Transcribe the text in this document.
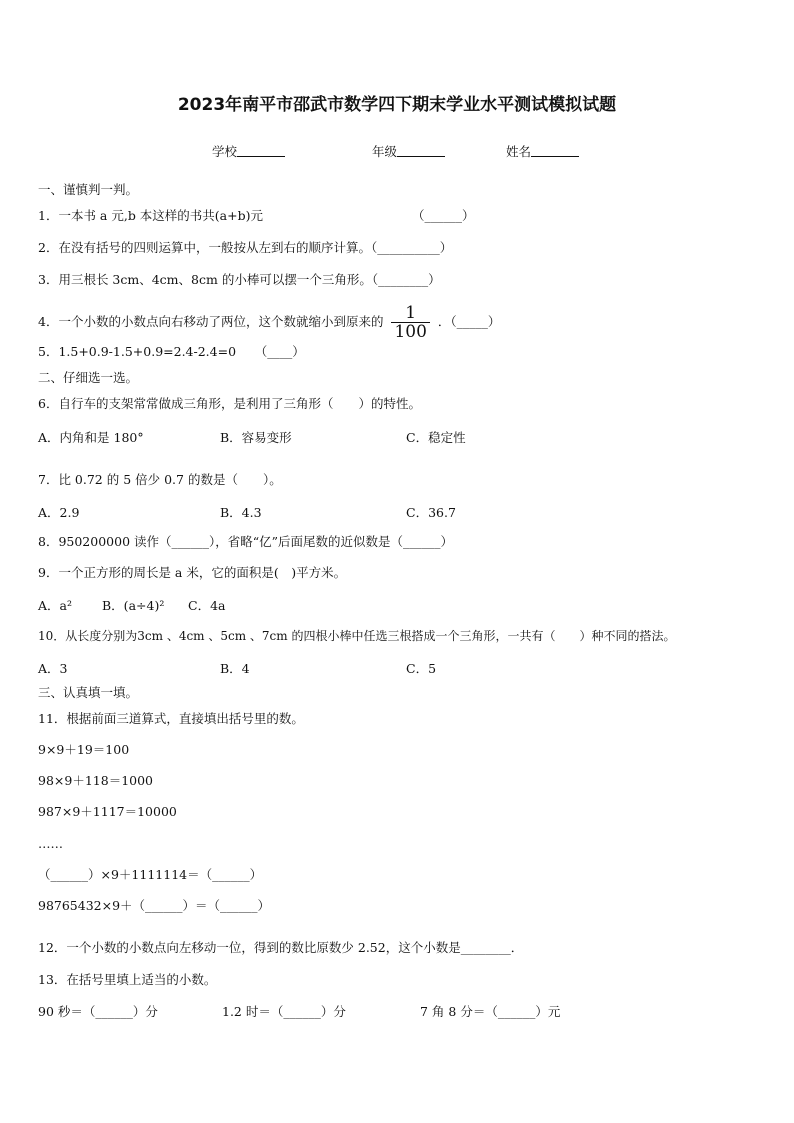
2023年南平市邵武市数学四下期末学业水平测试模拟试题
学校	年级	姓名
一、谨慎判一判。
1．一本书 a 元,b 本这样的书共(a+b)元	（______）
2．在没有括号的四则运算中，一般按从左到右的顺序计算。（__________）
3．用三根长 3cm、4cm、8cm 的小棒可以摆一个三角形。（________）
4．一个小数的小数点向右移动了两位，这个数就缩小到原来的 $\frac{1}{100}$ ．（_____）
5．1.5+0.9-1.5+0.9=2.4-2.4=0　　（____）
二、仔细选一选。
6．自行车的支架常常做成三角形，是利用了三角形（　　）的特性。
A．内角和是 180°	B．容易变形	C．稳定性
7．比 0.72 的 5 倍少 0.7 的数是（　　）。
A．2.9	B．4.3	C．36.7
8．950200000 读作（______），省略“亿”后面尾数的近似数是（______）
9．一个正方形的周长是 a 米，它的面积是(　)平方米。
A．a² B．(a÷4)² C．4a
10．从长度分别为3cm 、4cm 、5cm 、7cm 的四根小棒中任选三根搭成一个三角形，一共有（　　）种不同的搭法。
A．3	B．4	C．5
三、认真填一填。
11．根据前面三道算式，直接填出括号里的数。
9×9＋19＝100
98×9＋118＝1000
987×9＋1117＝10000
……
（______）×9＋1111114＝（______）
98765432×9＋（______）＝（______）
12．一个小数的小数点向左移动一位，得到的数比原数少 2.52，这个小数是________．
13．在括号里填上适当的小数。
90 秒＝（______）分	1.2 时＝（______）分	7 角 8 分＝（______）元
